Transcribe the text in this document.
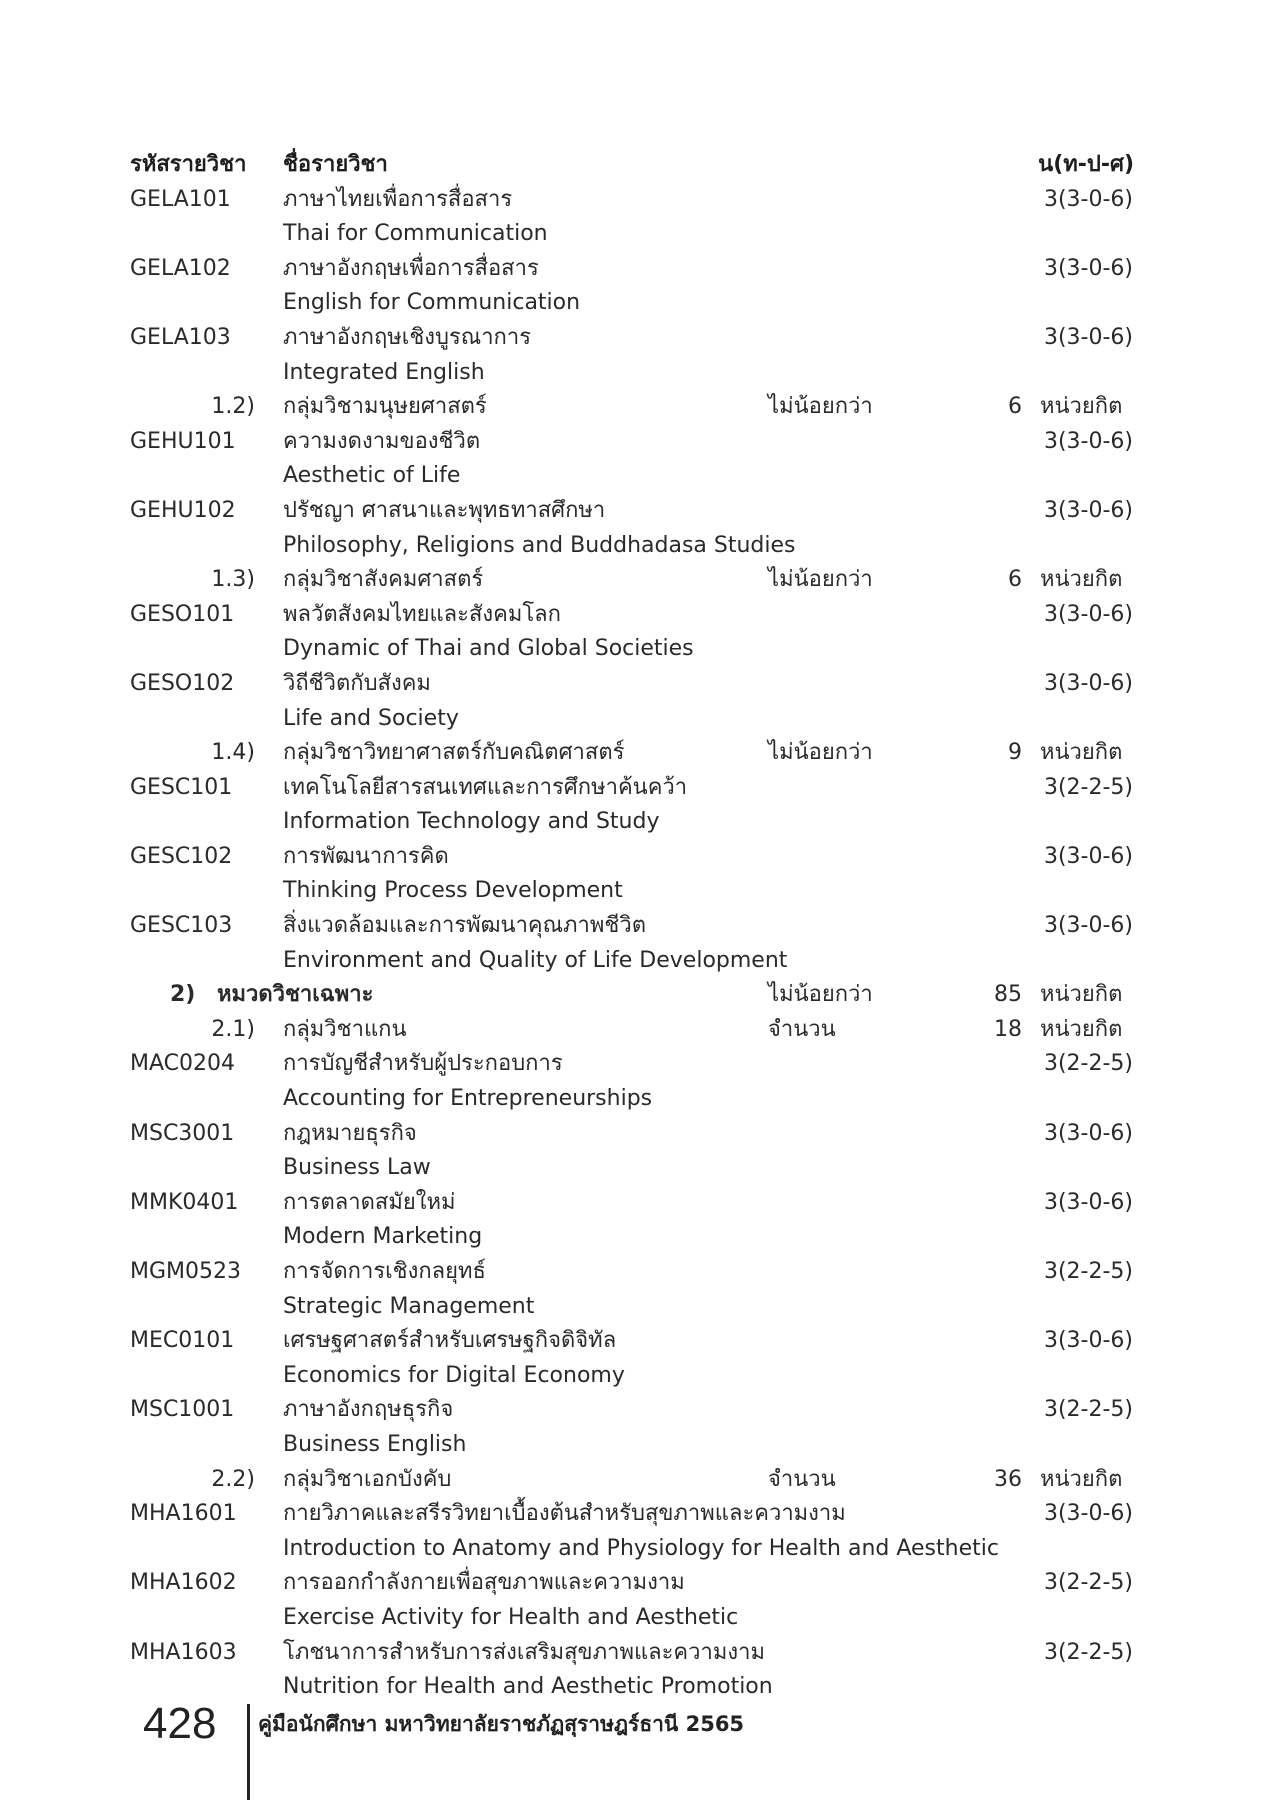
รหัสรายวิชา ชื่อรายวิชา	น(ท-ป-ศ)
GELA101 ภาษาไทยเพื่อการสื่อสาร	3(3-0-6)
Thai for Communication
GELA102 ภาษาอังกฤษเพื่อการสื่อสาร	3(3-0-6)
English for Communication
GELA103 ภาษาอังกฤษเชิงบูรณาการ	3(3-0-6)
Integrated English
1.2) กลุ่มวิชามนุษยศาสตร์	ไม่น้อยกว่า	6 หน่วยกิต
GEHU101 ความงดงามของชีวิต	3(3-0-6)
Aesthetic of Life
GEHU102 ปรัชญา ศาสนาและพุทธทาสศึกษา	3(3-0-6)
Philosophy, Religions and Buddhadasa Studies
1.3) กลุ่มวิชาสังคมศาสตร์	ไม่น้อยกว่า	6 หน่วยกิต
GESO101 พลวัตสังคมไทยและสังคมโลก	3(3-0-6)
Dynamic of Thai and Global Societies
GESO102 วิถีชีวิตกับสังคม	3(3-0-6)
Life and Society
1.4) กลุ่มวิชาวิทยาศาสตร์กับคณิตศาสตร์	ไม่น้อยกว่า	9 หน่วยกิต
GESC101 เทคโนโลยีสารสนเทศและการศึกษาค้นคว้า	3(2-2-5)
Information Technology and Study
GESC102 การพัฒนาการคิด	3(3-0-6)
Thinking Process Development
GESC103 สิ่งแวดล้อมและการพัฒนาคุณภาพชีวิต	3(3-0-6)
Environment and Quality of Life Development
2) หมวดวิชาเฉพาะ	ไม่น้อยกว่า	85 หน่วยกิต
2.1) กลุ่มวิชาแกน	จำนวน	18 หน่วยกิต
MAC0204 การบัญชีสำหรับผู้ประกอบการ	3(2-2-5)
Accounting for Entrepreneurships
MSC3001 กฎหมายธุรกิจ	3(3-0-6)
Business Law
MMK0401 การตลาดสมัยใหม่	3(3-0-6)
Modern Marketing
MGM0523 การจัดการเชิงกลยุทธ์	3(2-2-5)
Strategic Management
MEC0101 เศรษฐศาสตร์สำหรับเศรษฐกิจดิจิทัล	3(3-0-6)
Economics for Digital Economy
MSC1001 ภาษาอังกฤษธุรกิจ	3(2-2-5)
Business English
2.2) กลุ่มวิชาเอกบังคับ	จำนวน	36 หน่วยกิต
MHA1601 กายวิภาคและสรีรวิทยาเบื้องต้นสำหรับสุขภาพและความงาม	3(3-0-6)
Introduction to Anatomy and Physiology for Health and Aesthetic
MHA1602 การออกกำลังกายเพื่อสุขภาพและความงาม	3(2-2-5)
Exercise Activity for Health and Aesthetic
MHA1603 โภชนาการสำหรับการส่งเสริมสุขภาพและความงาม	3(2-2-5)
Nutrition for Health and Aesthetic Promotion
428 คู่มือนักศึกษา มหาวิทยาลัยราชภัฏสุราษฎร์ธานี 2565
